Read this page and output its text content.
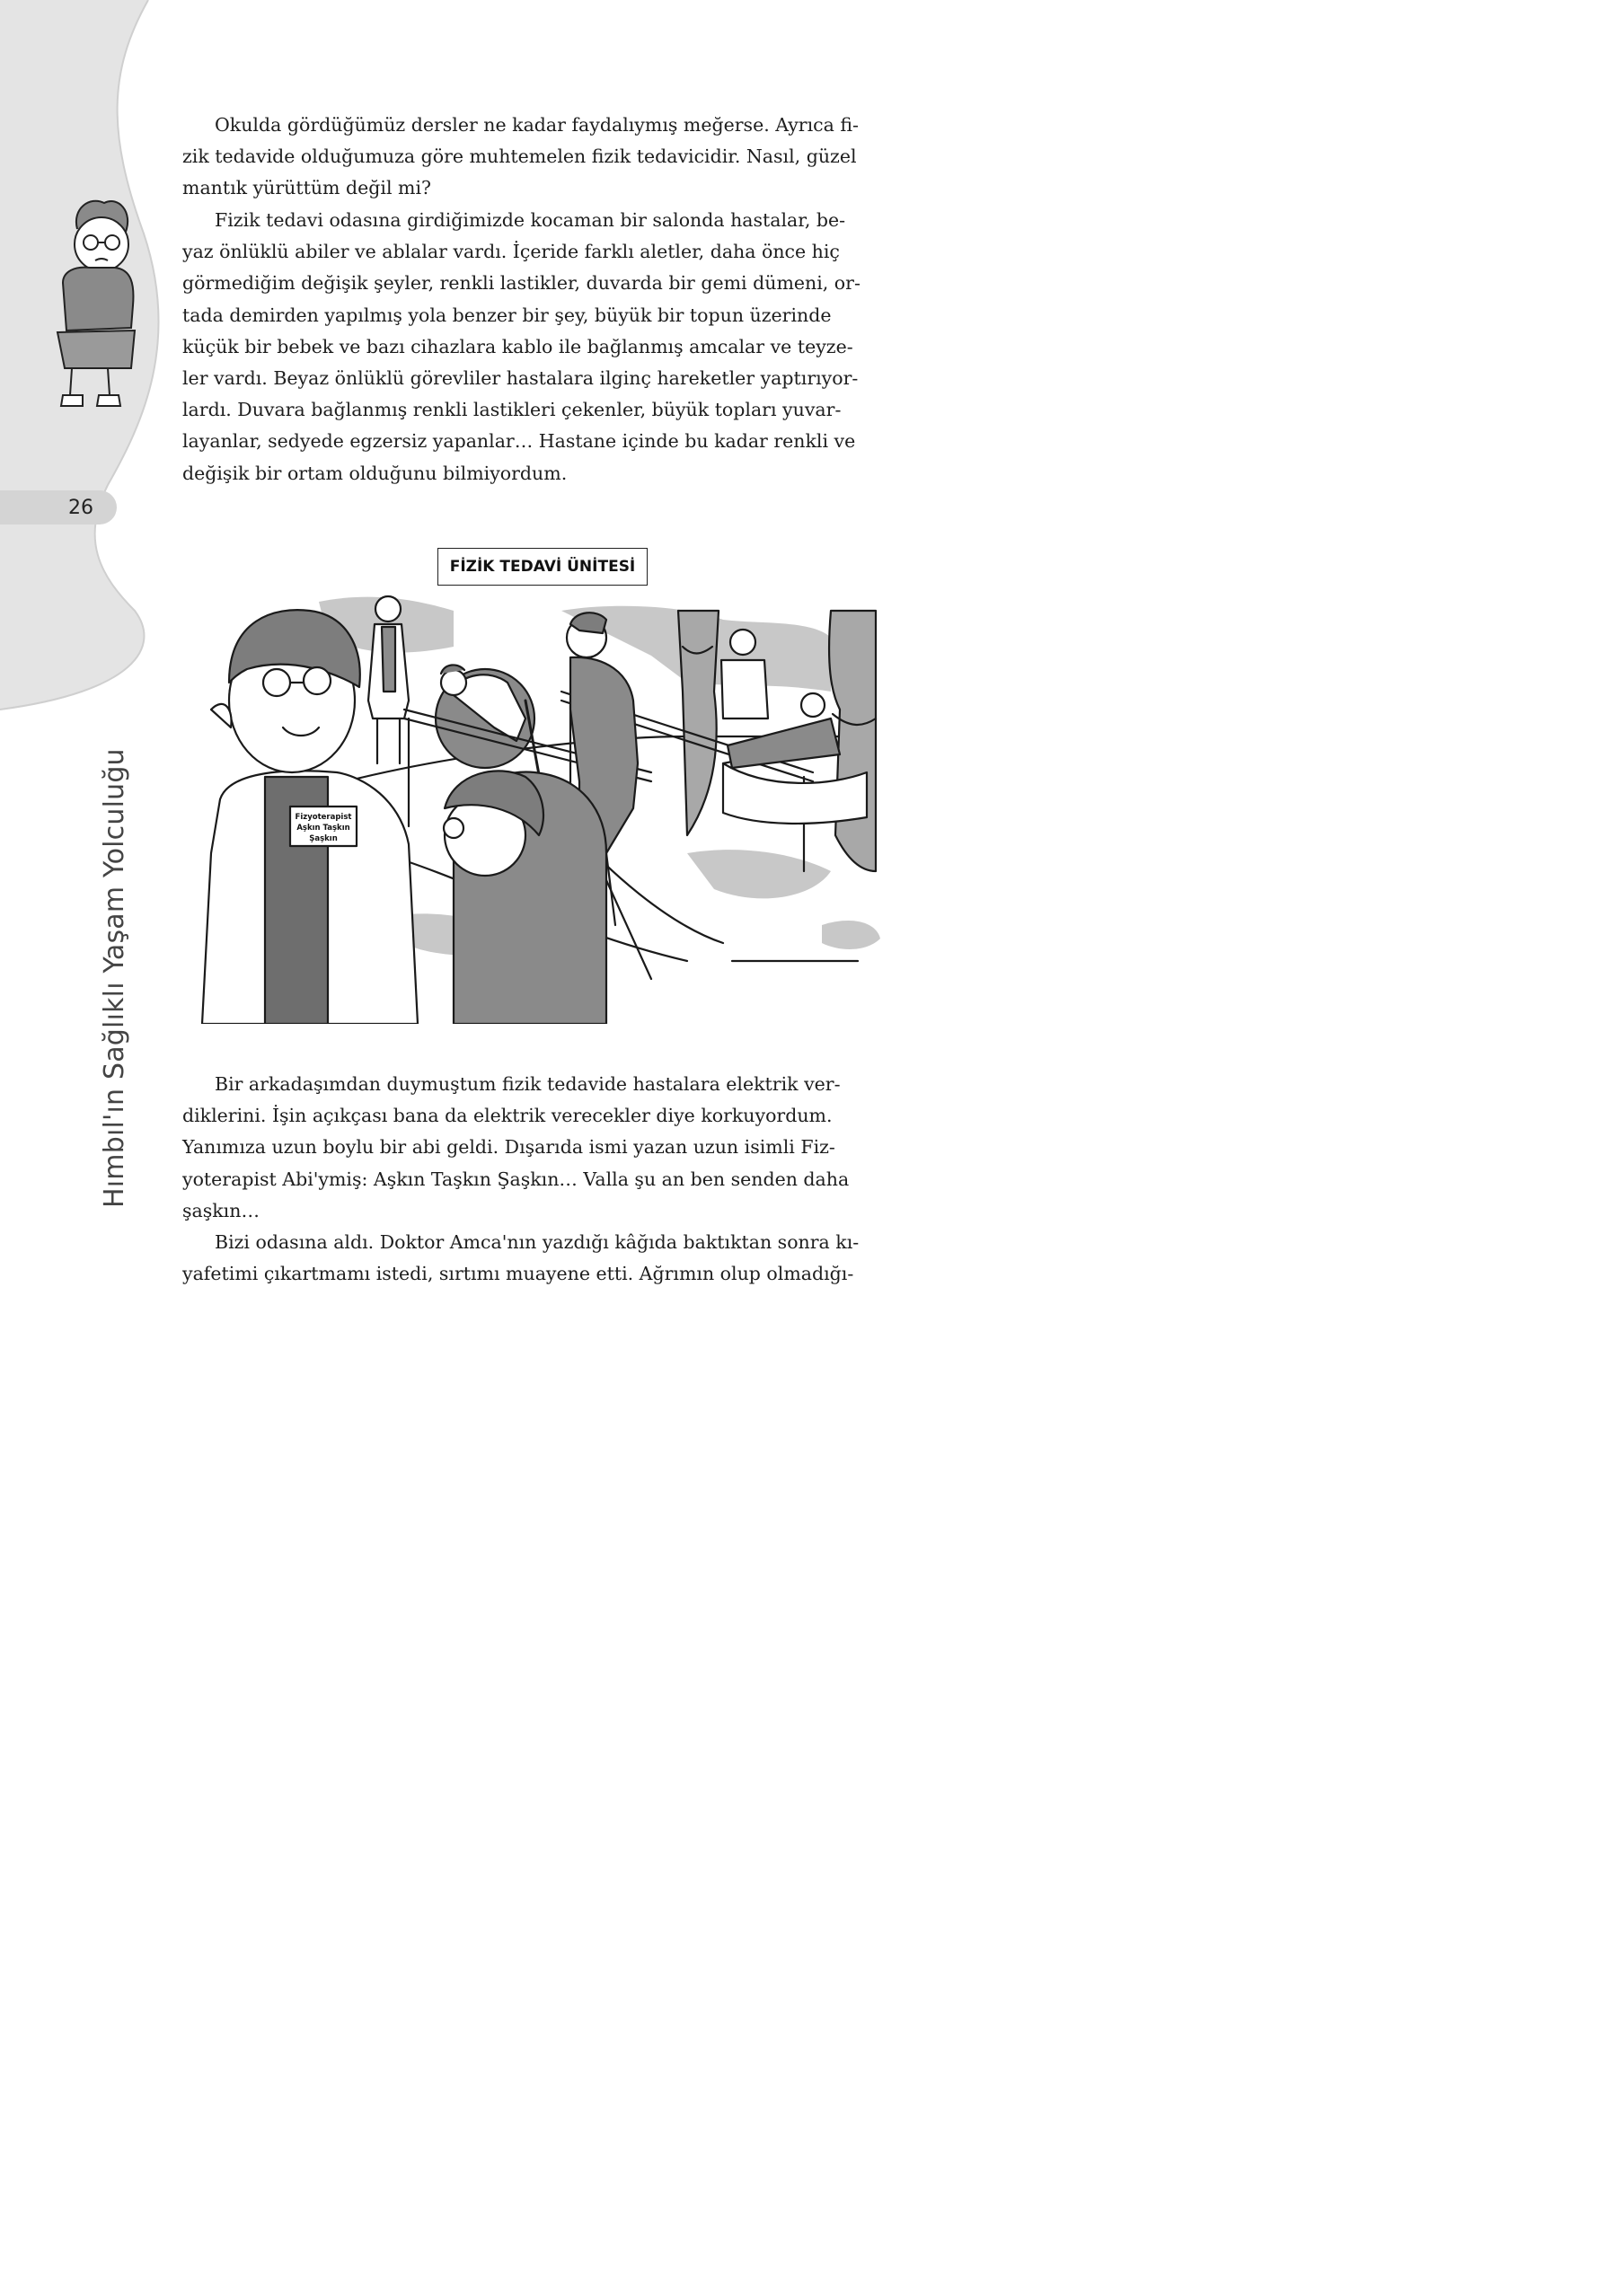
Hımbıl'ın Sağlıklı Yaşam Yolculuğu
26
Okulda gördüğümüz dersler ne kadar faydalıymış meğerse. Ayrıca fi-
zik tedavide olduğumuza göre muhtemelen fizik tedavicidir. Nasıl, güzel
mantık yürüttüm değil mi?
Fizik tedavi odasına girdiğimizde kocaman bir salonda hastalar, be-
yaz önlüklü abiler ve ablalar vardı. İçeride farklı aletler, daha önce hiç
görmediğim değişik şeyler, renkli lastikler, duvarda bir gemi dümeni, or-
tada demirden yapılmış yola benzer bir şey, büyük bir topun üzerinde
küçük bir bebek ve bazı cihazlara kablo ile bağlanmış amcalar ve teyze-
ler vardı. Beyaz önlüklü görevliler hastalara ilginç hareketler yaptırıyor-
lardı. Duvara bağlanmış renkli lastikleri çekenler, büyük topları yuvar-
layanlar, sedyede egzersiz yapanlar… Hastane içinde bu kadar renkli ve
değişik bir ortam olduğunu bilmiyordum.
FİZİK TEDAVİ ÜNİTESİ
Fizyoterapist
Aşkın Taşkın
Şaşkın
Bir arkadaşımdan duymuştum fizik tedavide hastalara elektrik ver-
diklerini. İşin açıkçası bana da elektrik verecekler diye korkuyordum.
Yanımıza uzun boylu bir abi geldi. Dışarıda ismi yazan uzun isimli Fiz-
yoterapist Abi'ymiş: Aşkın Taşkın Şaşkın… Valla şu an ben senden daha
şaşkın…
Bizi odasına aldı. Doktor Amca'nın yazdığı kâğıda baktıktan sonra kı-
yafetimi çıkartmamı istedi, sırtımı muayene etti. Ağrımın olup olmadığı-
